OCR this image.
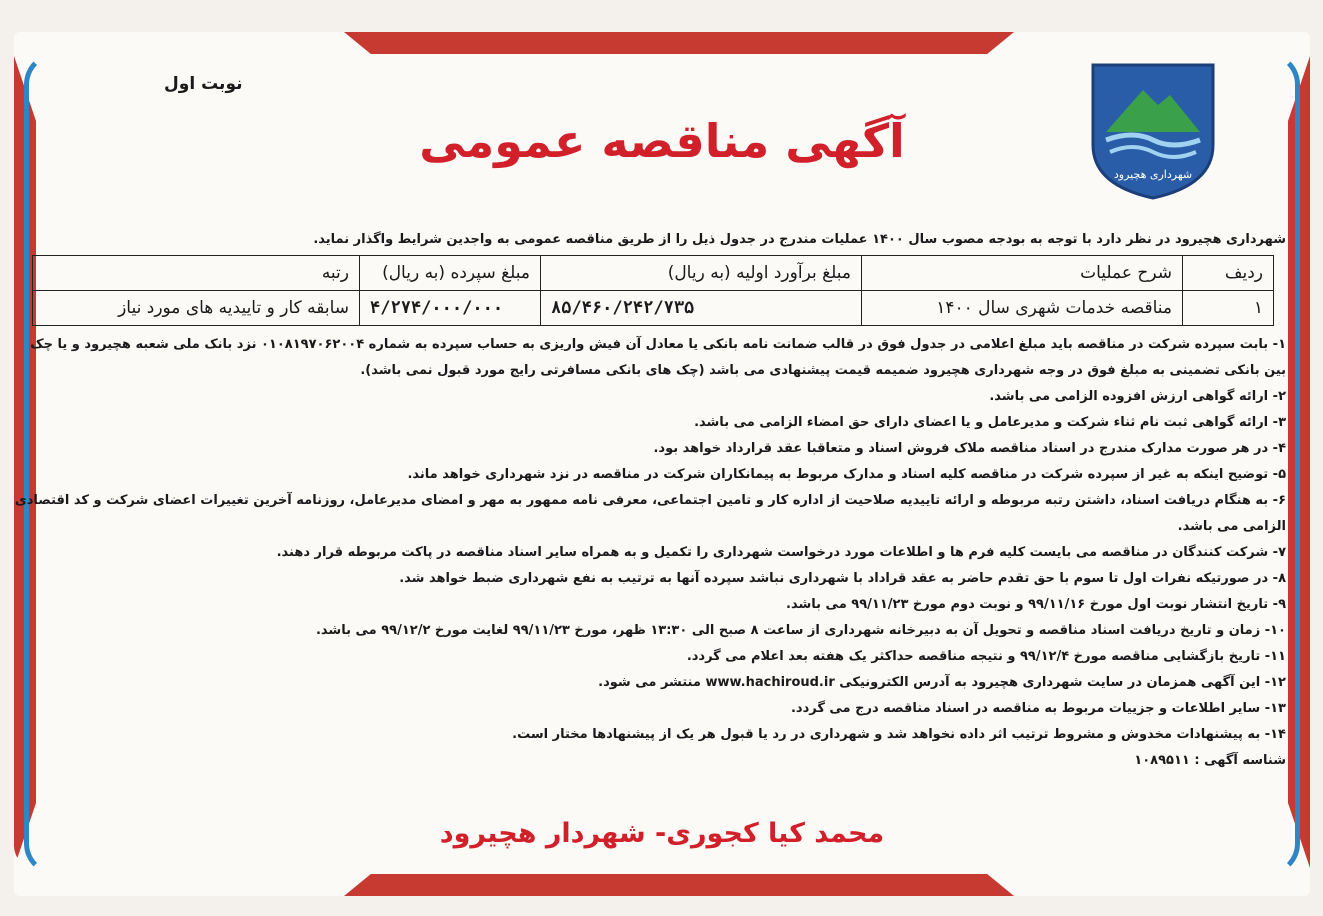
شهرداری هچیرود
نوبت اول
آگهی مناقصه عمومی

شهرداری هچیرود در نظر دارد با توجه به بودجه مصوب سال ۱۴۰۰ عملیات مندرج در جدول ذیل را از طریق مناقصه عمومی به واجدین شرایط واگذار نماید.

ردیف	شرح عملیات	مبلغ برآورد اولیه (به ریال)	مبلغ سپرده (به ریال)	رتبه
۱	مناقصه خدمات شهری سال ۱۴۰۰	۸۵/۴۶۰/۲۴۲/۷۳۵	۴/۲۷۴/۰۰۰/۰۰۰	سابقه کار و تاییدیه های مورد نیاز
۱- بابت سپرده شرکت در مناقصه باید مبلغ اعلامی در جدول فوق در قالب ضمانت نامه بانکی یا معادل آن فیش واریزی به حساب سپرده به شماره ۰۱۰۸۱۹۷۰۶۲۰۰۴ نزد بانک ملی شعبه هچیرود و یا چک
بین بانکی تضمینی به مبلغ فوق در وجه شهرداری هچیرود ضمیمه قیمت پیشنهادی می باشد (چک های بانکی مسافرتی رایج مورد قبول نمی باشد).
۲- ارائه گواهی ارزش افزوده الزامی می باشد.
۳- ارائه گواهی ثبت نام ثناء شرکت و مدیرعامل و یا اعضای دارای حق امضاء الزامی می باشد.
۴- در هر صورت مدارک مندرج در اسناد مناقصه ملاک فروش اسناد و متعاقبا عقد قرارداد خواهد بود.
۵- توضیح اینکه به غیر از سپرده شرکت در مناقصه کلیه اسناد و مدارک مربوط به پیمانکاران شرکت در مناقصه در نزد شهرداری خواهد ماند.
۶- به هنگام دریافت اسناد، داشتن رتبه مربوطه و ارائه تاییدیه صلاحیت از اداره کار و تامین اجتماعی، معرفی نامه ممهور به مهر و امضای مدیرعامل، روزنامه آخرین تغییرات اعضای شرکت و کد اقتصادی
الزامی می باشد.
۷- شرکت کنندگان در مناقصه می بایست کلیه فرم ها و اطلاعات مورد درخواست شهرداری را تکمیل و به همراه سایر اسناد مناقصه در پاکت مربوطه قرار دهند.
۸- در صورتیکه نفرات اول تا سوم با حق تقدم حاضر به عقد قراداد با شهرداری نباشد سپرده آنها به ترتیب به نفع شهرداری ضبط خواهد شد.
۹- تاریخ انتشار نوبت اول مورخ ۹۹/۱۱/۱۶ و نوبت دوم مورخ ۹۹/۱۱/۲۳ می باشد.
۱۰- زمان و تاریخ دریافت اسناد مناقصه و تحویل آن به دبیرخانه شهرداری از ساعت ۸ صبح الی ۱۳:۳۰ ظهر، مورخ ۹۹/۱۱/۲۳ لغایت مورخ ۹۹/۱۲/۲ می باشد.
۱۱- تاریخ بازگشایی مناقصه مورخ ۹۹/۱۲/۴ و نتیجه مناقصه حداکثر یک هفته بعد اعلام می گردد.
۱۲- این آگهی همزمان در سایت شهرداری هچیرود به آدرس الکترونیکی www.hachiroud.ir منتشر می شود.
۱۳- سایر اطلاعات و جزییات مربوط به مناقصه در اسناد مناقصه درج می گردد.
۱۴- به پیشنهادات مخدوش و مشروط ترتیب اثر داده نخواهد شد و شهرداری در رد یا قبول هر یک از پیشنهادها مختار است.
شناسه آگهی : ۱۰۸۹۵۱۱
محمد کیا کجوری- شهردار هچیرود
